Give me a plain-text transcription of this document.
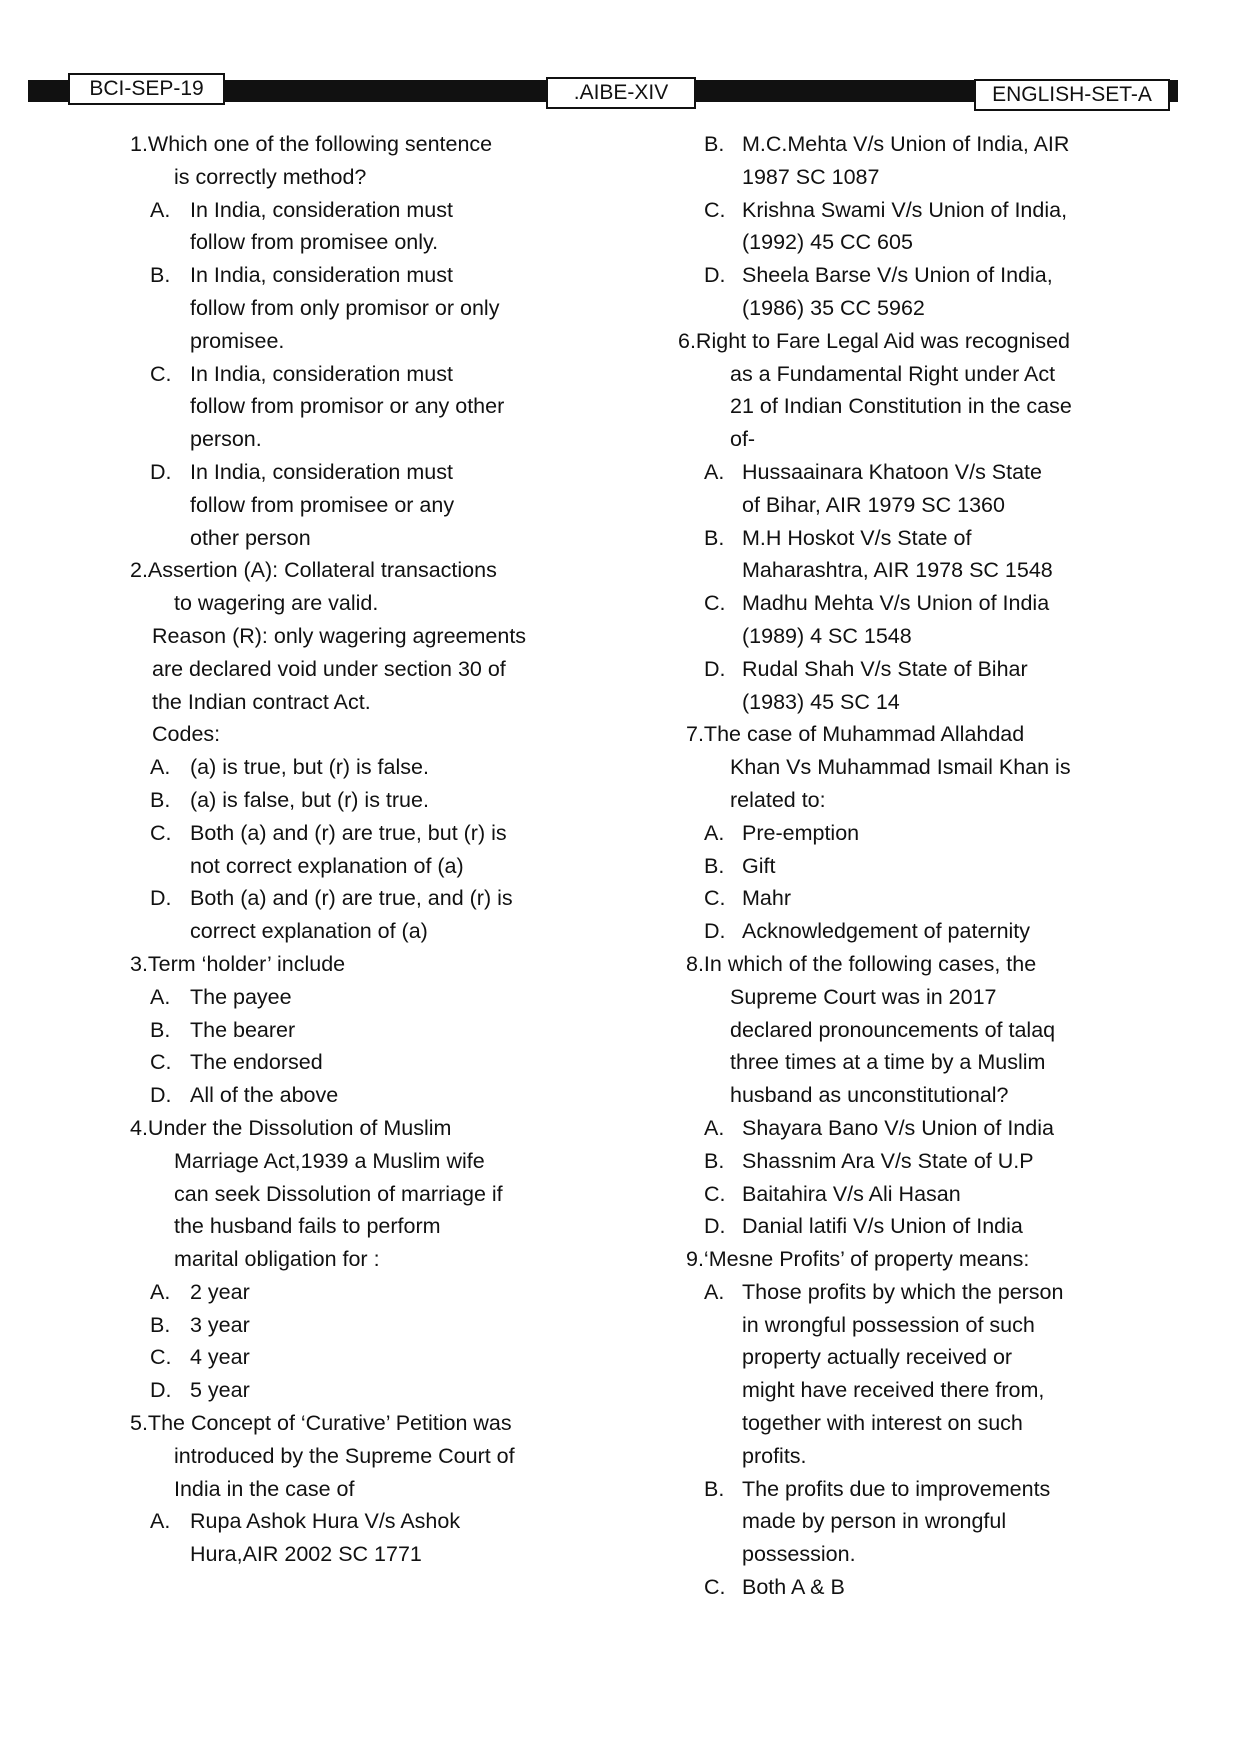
BCI-SEP-19	.AIBE-XIV	ENGLISH-SET-A
1.Which one of the following sentence
is correctly method?
A. In India, consideration must
follow from promisee only.
B. In India, consideration must
follow from only promisor or only
promisee.
C. In India, consideration must
follow from promisor or any other
person.
D. In India, consideration must
follow from promisee or any
other person
2.Assertion (A): Collateral transactions
to wagering are valid.
Reason (R): only wagering agreements
are declared void under section 30 of
the Indian contract Act.
Codes:
A. (a) is true, but (r) is false.
B. (a) is false, but (r) is true.
C. Both (a) and (r) are true, but (r) is
not correct explanation of (a)
D. Both (a) and (r) are true, and (r) is
correct explanation of (a)
3.Term ‘holder’ include
A. The payee
B. The bearer
C. The endorsed
D. All of the above
4.Under the Dissolution of Muslim
Marriage Act,1939 a Muslim wife
can seek Dissolution of marriage if
the husband fails to perform
marital obligation for :
A. 2 year
B. 3 year
C. 4 year
D. 5 year
5.The Concept of ‘Curative’ Petition was
introduced by the Supreme Court of
India in the case of
A. Rupa Ashok Hura V/s Ashok
Hura,AIR 2002 SC 1771
B. M.C.Mehta V/s Union of India, AIR
1987 SC 1087
C. Krishna Swami V/s Union of India,
(1992) 45 CC 605
D. Sheela Barse V/s Union of India,
(1986) 35 CC 5962
6.Right to Fare Legal Aid was recognised
as a Fundamental Right under Act
21 of Indian Constitution in the case
of-
A. Hussaainara Khatoon V/s State
of Bihar, AIR 1979 SC 1360
B. M.H Hoskot V/s State of
Maharashtra, AIR 1978 SC 1548
C. Madhu Mehta V/s Union of India
(1989) 4 SC 1548
D. Rudal Shah V/s State of Bihar
(1983) 45 SC 14
7.The case of Muhammad Allahdad
Khan Vs Muhammad Ismail Khan is
related to:
A. Pre-emption
B. Gift
C. Mahr
D. Acknowledgement of paternity
8.In which of the following cases, the
Supreme Court was in 2017
declared pronouncements of talaq
three times at a time by a Muslim
husband as unconstitutional?
A. Shayara Bano V/s Union of India
B. Shassnim Ara V/s State of U.P
C. Baitahira V/s Ali Hasan
D. Danial latifi V/s Union of India
9.‘Mesne Profits’ of property means:
A. Those profits by which the person
in wrongful possession of such
property actually received or
might have received there from,
together with interest on such
profits.
B. The profits due to improvements
made by person in wrongful
possession.
C. Both A & B
